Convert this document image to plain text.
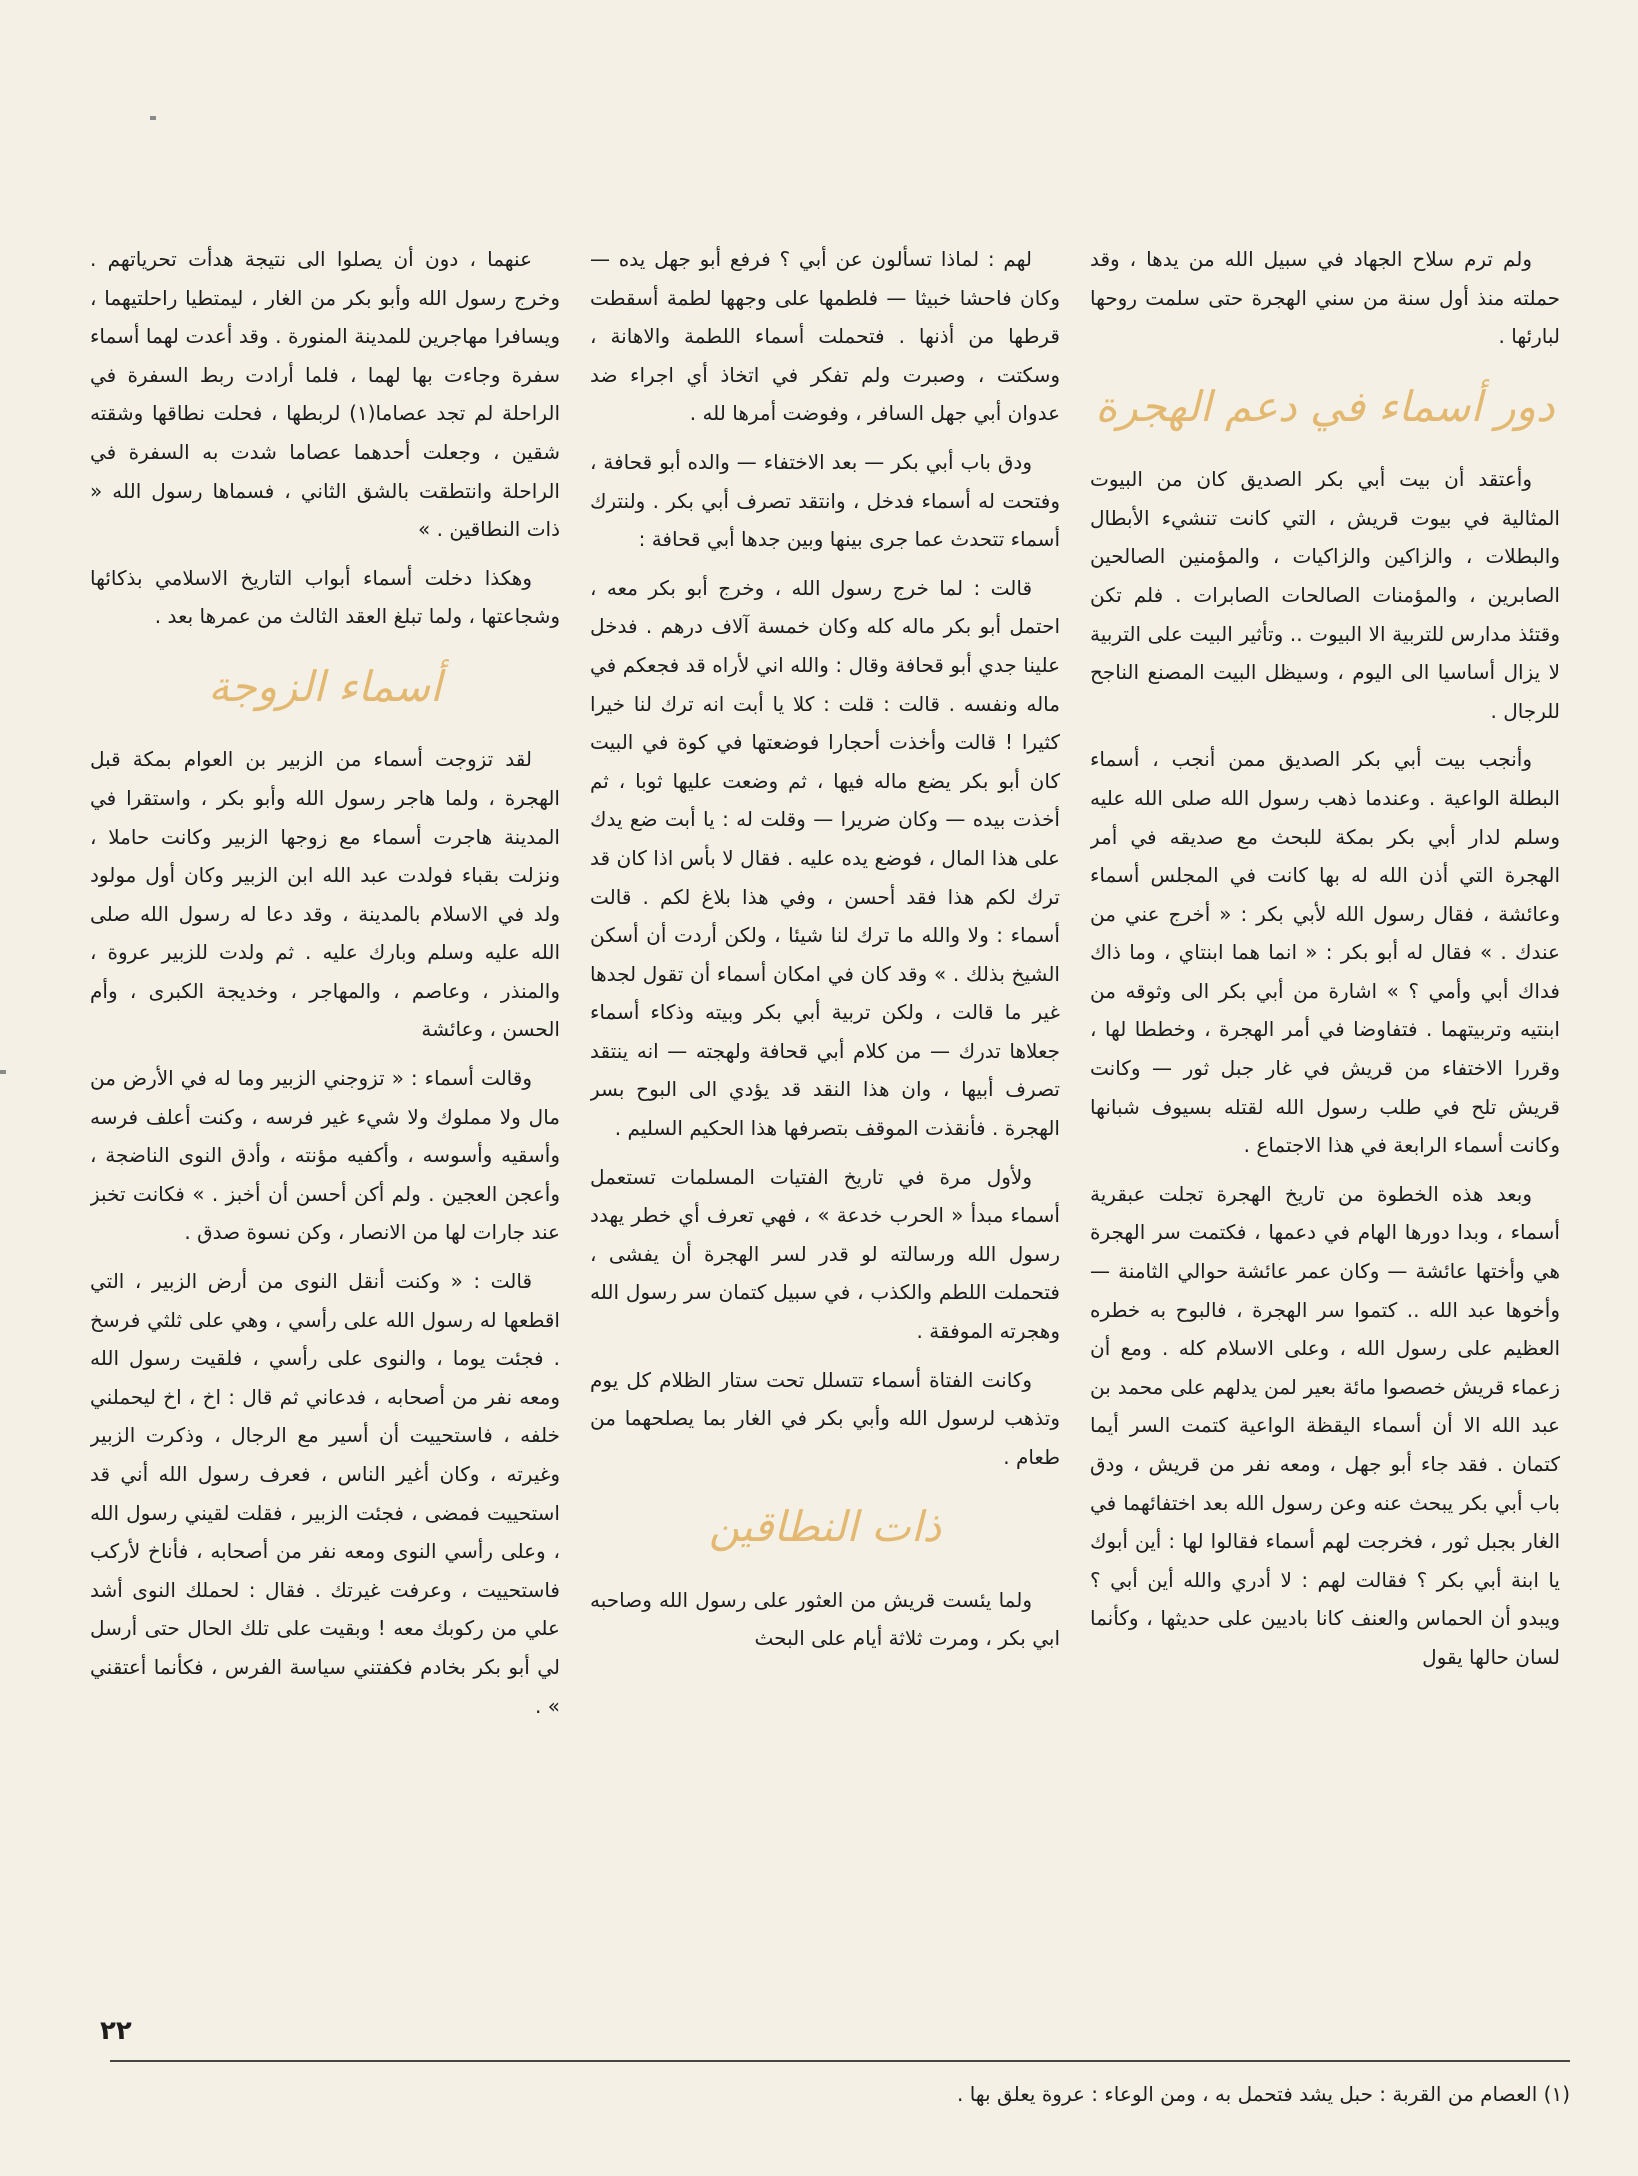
ولم ترم سلاح الجهاد في سبيل الله من يدها ، وقد حملته منذ أول سنة من سني الهجرة حتى سلمت روحها لبارئها .

دور أسماء في دعم الهجرة

وأعتقد أن بيت أبي بكر الصديق كان من البيوت المثالية في بيوت قريش ، التي كانت تنشيء الأبطال والبطلات ، والزاكين والزاكيات ، والمؤمنين الصالحين الصابرين ، والمؤمنات الصالحات الصابرات . فلم تكن وقتئذ مدارس للتربية الا البيوت .. وتأثير البيت على التربية لا يزال أساسيا الى اليوم ، وسيظل البيت المصنع الناجح للرجال .

وأنجب بيت أبي بكر الصديق ممن أنجب ، أسماء البطلة الواعية . وعندما ذهب رسول الله صلى الله عليه وسلم لدار أبي بكر بمكة للبحث مع صديقه في أمر الهجرة التي أذن الله له بها كانت في المجلس أسماء وعائشة ، فقال رسول الله لأبي بكر : « أخرج عني من عندك . » فقال له أبو بكر : « انما هما ابنتاي ، وما ذاك فداك أبي وأمي ؟ » اشارة من أبي بكر الى وثوقه من ابنتيه وتربيتهما . فتفاوضا في أمر الهجرة ، وخططا لها ، وقررا الاختفاء من قريش في غار جبل ثور — وكانت قريش تلح في طلب رسول الله لقتله بسيوف شبانها وكانت أسماء الرابعة في هذا الاجتماع .

وبعد هذه الخطوة من تاريخ الهجرة تجلت عبقرية أسماء ، وبدا دورها الهام في دعمها ، فكتمت سر الهجرة هي وأختها عائشة — وكان عمر عائشة حوالي الثامنة — وأخوها عبد الله .. كتموا سر الهجرة ، فالبوح به خطره العظيم على رسول الله ، وعلى الاسلام كله . ومع أن زعماء قريش خصصوا مائة بعير لمن يدلهم على محمد بن عبد الله الا أن أسماء اليقظة الواعية كتمت السر أيما كتمان . فقد جاء أبو جهل ، ومعه نفر من قريش ، ودق باب أبي بكر يبحث عنه وعن رسول الله بعد اختفائهما في الغار بجبل ثور ، فخرجت لهم أسماء فقالوا لها : أين أبوك يا ابنة أبي بكر ؟ فقالت لهم : لا أدري والله أين أبي ؟ ويبدو أن الحماس والعنف كانا باديين على حديثها ، وكأنما لسان حالها يقول

لهم : لماذا تسألون عن أبي ؟ فرفع أبو جهل يده — وكان فاحشا خبيثا — فلطمها على وجهها لطمة أسقطت قرطها من أذنها . فتحملت أسماء اللطمة والاهانة ، وسكتت ، وصبرت ولم تفكر في اتخاذ أي اجراء ضد عدوان أبي جهل السافر ، وفوضت أمرها لله .

ودق باب أبي بكر — بعد الاختفاء — والده أبو قحافة ، وفتحت له أسماء فدخل ، وانتقد تصرف أبي بكر . ولنترك أسماء تتحدث عما جرى بينها وبين جدها أبي قحافة :

قالت : لما خرج رسول الله ، وخرج أبو بكر معه ، احتمل أبو بكر ماله كله وكان خمسة آلاف درهم . فدخل علينا جدي أبو قحافة وقال : والله اني لأراه قد فجعكم في ماله ونفسه . قالت : قلت : كلا يا أبت انه ترك لنا خيرا كثيرا ! قالت وأخذت أحجارا فوضعتها في كوة في البيت كان أبو بكر يضع ماله فيها ، ثم وضعت عليها ثوبا ، ثم أخذت بيده — وكان ضريرا — وقلت له : يا أبت ضع يدك على هذا المال ، فوضع يده عليه . فقال لا بأس اذا كان قد ترك لكم هذا فقد أحسن ، وفي هذا بلاغ لكم . قالت أسماء : ولا والله ما ترك لنا شيئا ، ولكن أردت أن أسكن الشيخ بذلك . » وقد كان في امكان أسماء أن تقول لجدها غير ما قالت ، ولكن تربية أبي بكر وبيته وذكاء أسماء جعلاها تدرك — من كلام أبي قحافة ولهجته — انه ينتقد تصرف أبيها ، وان هذا النقد قد يؤدي الى البوح بسر الهجرة . فأنقذت الموقف بتصرفها هذا الحكيم السليم .

ولأول مرة في تاريخ الفتيات المسلمات تستعمل أسماء مبدأ « الحرب خدعة » ، فهي تعرف أي خطر يهدد رسول الله ورسالته لو قدر لسر الهجرة أن يفشى ، فتحملت اللطم والكذب ، في سبيل كتمان سر رسول الله وهجرته الموفقة .

وكانت الفتاة أسماء تتسلل تحت ستار الظلام كل يوم وتذهب لرسول الله وأبي بكر في الغار بما يصلحهما من طعام .

ذات النطاقين

ولما يئست قريش من العثور على رسول الله وصاحبه ابي بكر ، ومرت ثلاثة أيام على البحث

عنهما ، دون أن يصلوا الى نتيجة هدأت تحرياتهم . وخرج رسول الله وأبو بكر من الغار ، ليمتطيا راحلتيهما ، ويسافرا مهاجرين للمدينة المنورة . وقد أعدت لهما أسماء سفرة وجاءت بها لهما ، فلما أرادت ربط السفرة في الراحلة لم تجد عصاما(١) لربطها ، فحلت نطاقها وشقته شقين ، وجعلت أحدهما عصاما شدت به السفرة في الراحلة وانتطقت بالشق الثاني ، فسماها رسول الله « ذات النطاقين . »

وهكذا دخلت أسماء أبواب التاريخ الاسلامي بذكائها وشجاعتها ، ولما تبلغ العقد الثالث من عمرها بعد .

أسماء الزوجة

لقد تزوجت أسماء من الزبير بن العوام بمكة قبل الهجرة ، ولما هاجر رسول الله وأبو بكر ، واستقرا في المدينة هاجرت أسماء مع زوجها الزبير وكانت حاملا ، ونزلت بقباء فولدت عبد الله ابن الزبير وكان أول مولود ولد في الاسلام بالمدينة ، وقد دعا له رسول الله صلى الله عليه وسلم وبارك عليه . ثم ولدت للزبير عروة ، والمنذر ، وعاصم ، والمهاجر ، وخديجة الكبرى ، وأم الحسن ، وعائشة

وقالت أسماء : « تزوجني الزبير وما له في الأرض من مال ولا مملوك ولا شيء غير فرسه ، وكنت أعلف فرسه وأسقيه وأسوسه ، وأكفيه مؤنته ، وأدق النوى الناضجة ، وأعجن العجين . ولم أكن أحسن أن أخبز . » فكانت تخبز عند جارات لها من الانصار ، وكن نسوة صدق .

قالت : « وكنت أنقل النوى من أرض الزبير ، التي اقطعها له رسول الله على رأسي ، وهي على ثلثي فرسخ . فجئت يوما ، والنوى على رأسي ، فلقيت رسول الله ومعه نفر من أصحابه ، فدعاني ثم قال : اخ ، اخ ليحملني خلفه ، فاستحييت أن أسير مع الرجال ، وذكرت الزبير وغيرته ، وكان أغير الناس ، فعرف رسول الله أني قد استحييت فمضى ، فجئت الزبير ، فقلت لقيني رسول الله ، وعلى رأسي النوى ومعه نفر من أصحابه ، فأناخ لأركب فاستحييت ، وعرفت غيرتك . فقال : لحملك النوى أشد علي من ركوبك معه ! وبقيت على تلك الحال حتى أرسل لي أبو بكر بخادم فكفتني سياسة الفرس ، فكأنما أعتقني » .

٢٢
(١) العصام من القربة : حبل يشد فتحمل به ، ومن الوعاء : عروة يعلق بها .
